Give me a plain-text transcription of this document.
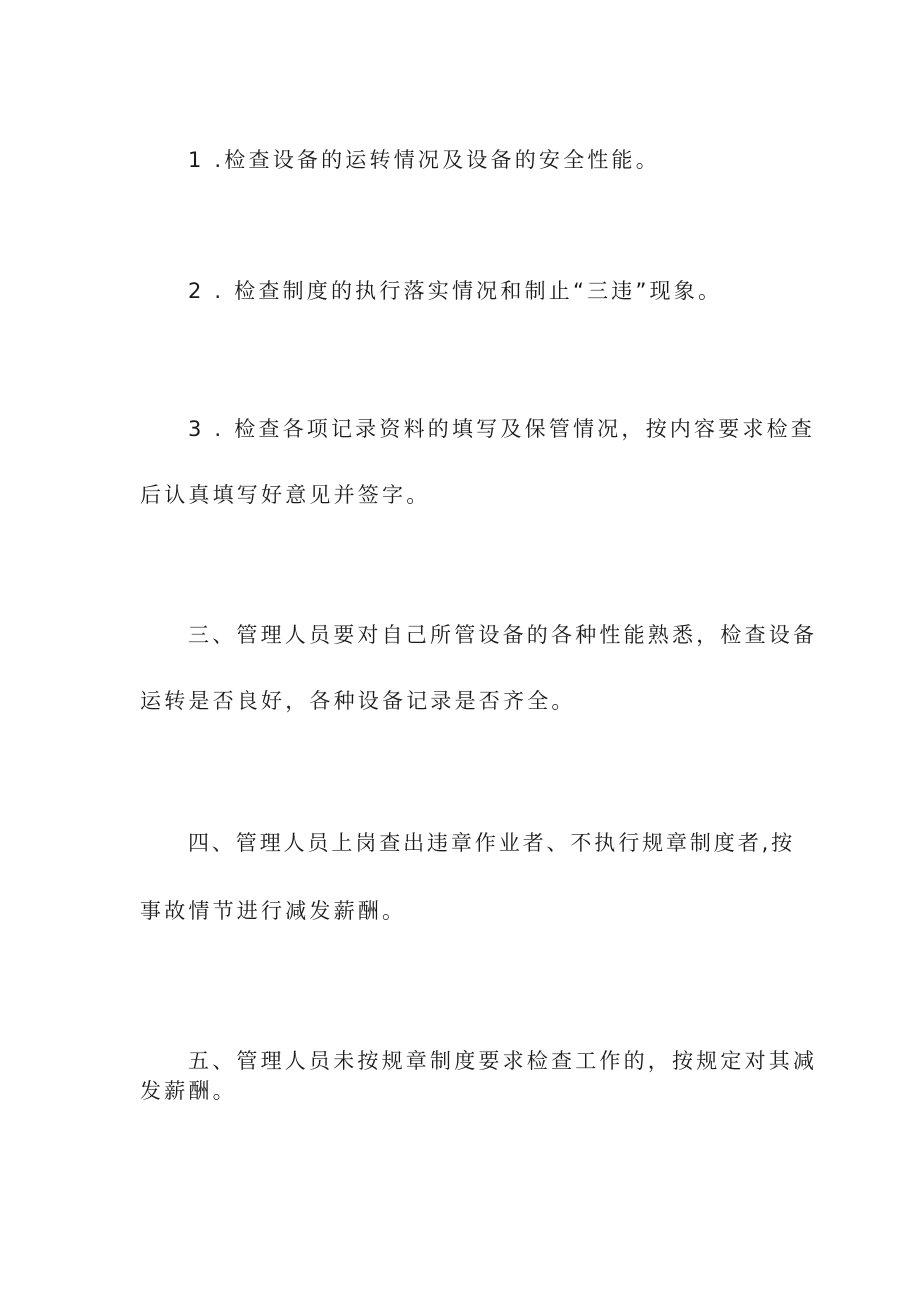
1 .检查设备的运转情况及设备的安全性能。
2 . 检查制度的执行落实情况和制止“三违”现象。
3 . 检查各项记录资料的填写及保管情况，按内容要求检查
后认真填写好意见并签字。
三、管理人员要对自己所管设备的各种性能熟悉，检查设备
运转是否良好，各种设备记录是否齐全。
四、管理人员上岗查出违章作业者、不执行规章制度者,按
事故情节进行减发薪酬。
五、管理人员未按规章制度要求检查工作的，按规定对其减
发薪酬。
